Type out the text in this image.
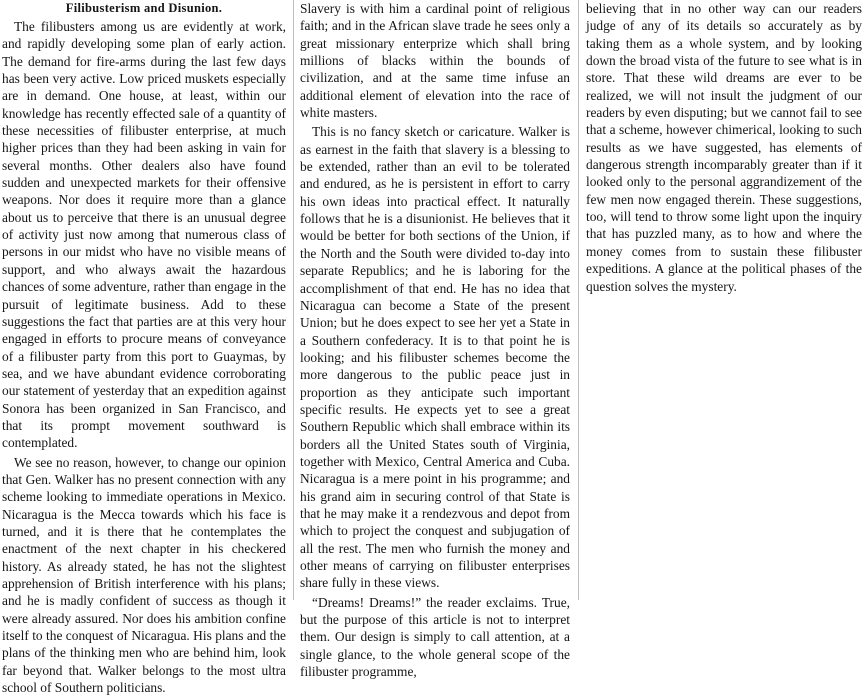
Filibusterism and Disunion.

The filibusters among us are evidently at work, and rapidly developing some plan of early action. The demand for fire-arms during the last few days has been very active. Low priced muskets especially are in demand. One house, at least, within our knowledge has recently effected sale of a quantity of these necessities of filibuster enterprise, at much higher prices than they had been asking in vain for several months. Other dealers also have found sudden and unexpected markets for their offensive weapons. Nor does it require more than a glance about us to perceive that there is an unusual degree of activity just now among that numerous class of persons in our midst who have no visible means of support, and who always await the hazardous chances of some adventure, rather than engage in the pursuit of legitimate business. Add to these suggestions the fact that parties are at this very hour engaged in efforts to procure means of conveyance of a filibuster party from this port to Guaymas, by sea, and we have abundant evidence corroborating our statement of yesterday that an expedition against Sonora has been organized in San Francisco, and that its prompt movement southward is contemplated.

We see no reason, however, to change our opinion that Gen. Walker has no present connection with any scheme looking to immediate operations in Mexico. Nicaragua is the Mecca towards which his face is turned, and it is there that he contemplates the enactment of the next chapter in his checkered history. As already stated, he has not the slightest apprehension of British interference with his plans; and he is madly confident of success as though it were already assured. Nor does his ambition confine itself to the conquest of Nicaragua. His plans and the plans of the thinking men who are behind him, look far beyond that. Walker belongs to the most ultra school of Southern politicians.

Slavery is with him a cardinal point of religious faith; and in the African slave trade he sees only a great missionary enterprize which shall bring millions of blacks within the bounds of civilization, and at the same time infuse an additional element of elevation into the race of white masters.

This is no fancy sketch or caricature. Walker is as earnest in the faith that slavery is a blessing to be extended, rather than an evil to be tolerated and endured, as he is persistent in effort to carry his own ideas into practical effect. It naturally follows that he is a disunionist. He believes that it would be better for both sections of the Union, if the North and the South were divided to-day into separate Republics; and he is laboring for the accomplishment of that end. He has no idea that Nicaragua can become a State of the present Union; but he does expect to see her yet a State in a Southern confederacy. It is to that point he is looking; and his filibuster schemes become the more dangerous to the public peace just in proportion as they anticipate such important specific results. He expects yet to see a great Southern Republic which shall embrace within its borders all the United States south of Virginia, together with Mexico, Central America and Cuba. Nicaragua is a mere point in his programme; and his grand aim in securing control of that State is that he may make it a rendezvous and depot from which to project the conquest and subjugation of all the rest. The men who furnish the money and other means of carrying on filibuster enterprises share fully in these views.

“Dreams! Dreams!” the reader exclaims. True, but the purpose of this article is not to interpret them. Our design is simply to call attention, at a single glance, to the whole general scope of the filibuster programme,

believing that in no other way can our readers judge of any of its details so accurately as by taking them as a whole system, and by looking down the broad vista of the future to see what is in store. That these wild dreams are ever to be realized, we will not insult the judgment of our readers by even disputing; but we cannot fail to see that a scheme, however chimerical, looking to such results as we have suggested, has elements of dangerous strength incomparably greater than if it looked only to the personal aggrandizement of the few men now engaged therein. These suggestions, too, will tend to throw some light upon the inquiry that has puzzled many, as to how and where the money comes from to sustain these filibuster expeditions. A glance at the political phases of the question solves the mystery.
